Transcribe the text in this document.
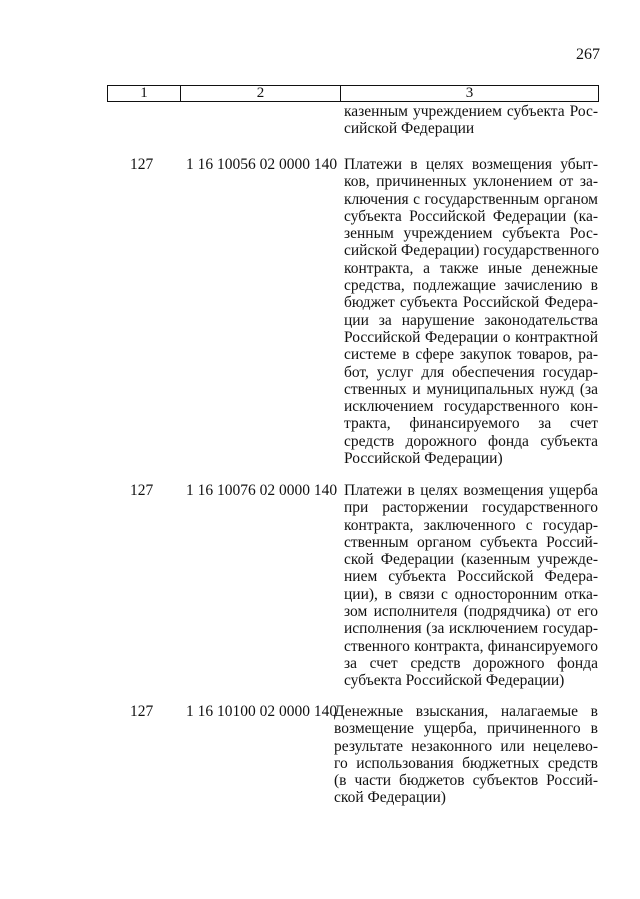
267
1	2	3
казенным учреждением субъекта Рос-
сийской Федерации
127	1 16 10056 02 0000 140 Платежи в целях возмещения убыт-
ков, причиненных уклонением от за-
ключения с государственным органом
субъекта Российской Федерации (ка-
зенным учреждением субъекта Рос-
сийской Федерации) государственного
контракта, а также иные денежные
средства, подлежащие зачислению в
бюджет субъекта Российской Федера-
ции за нарушение законодательства
Российской Федерации о контрактной
системе в сфере закупок товаров, ра-
бот, услуг для обеспечения государ-
ственных и муниципальных нужд (за
исключением государственного кон-
тракта, финансируемого за счет
средств дорожного фонда субъекта
Российской Федерации)
127	1 16 10076 02 0000 140 Платежи в целях возмещения ущерба
при расторжении государственного
контракта, заключенного с государ-
ственным органом субъекта Россий-
ской Федерации (казенным учрежде-
нием субъекта Российской Федера-
ции), в связи с односторонним отка-
зом исполнителя (подрядчика) от его
исполнения (за исключением государ-
ственного контракта, финансируемого
за счет средств дорожного фонда
субъекта Российской Федерации)
127	1 16 10100 02 0000 140
Денежные взыскания, налагаемые в
возмещение ущерба, причиненного в
результате незаконного или нецелево-
го использования бюджетных средств
(в части бюджетов субъектов Россий-
ской Федерации)
